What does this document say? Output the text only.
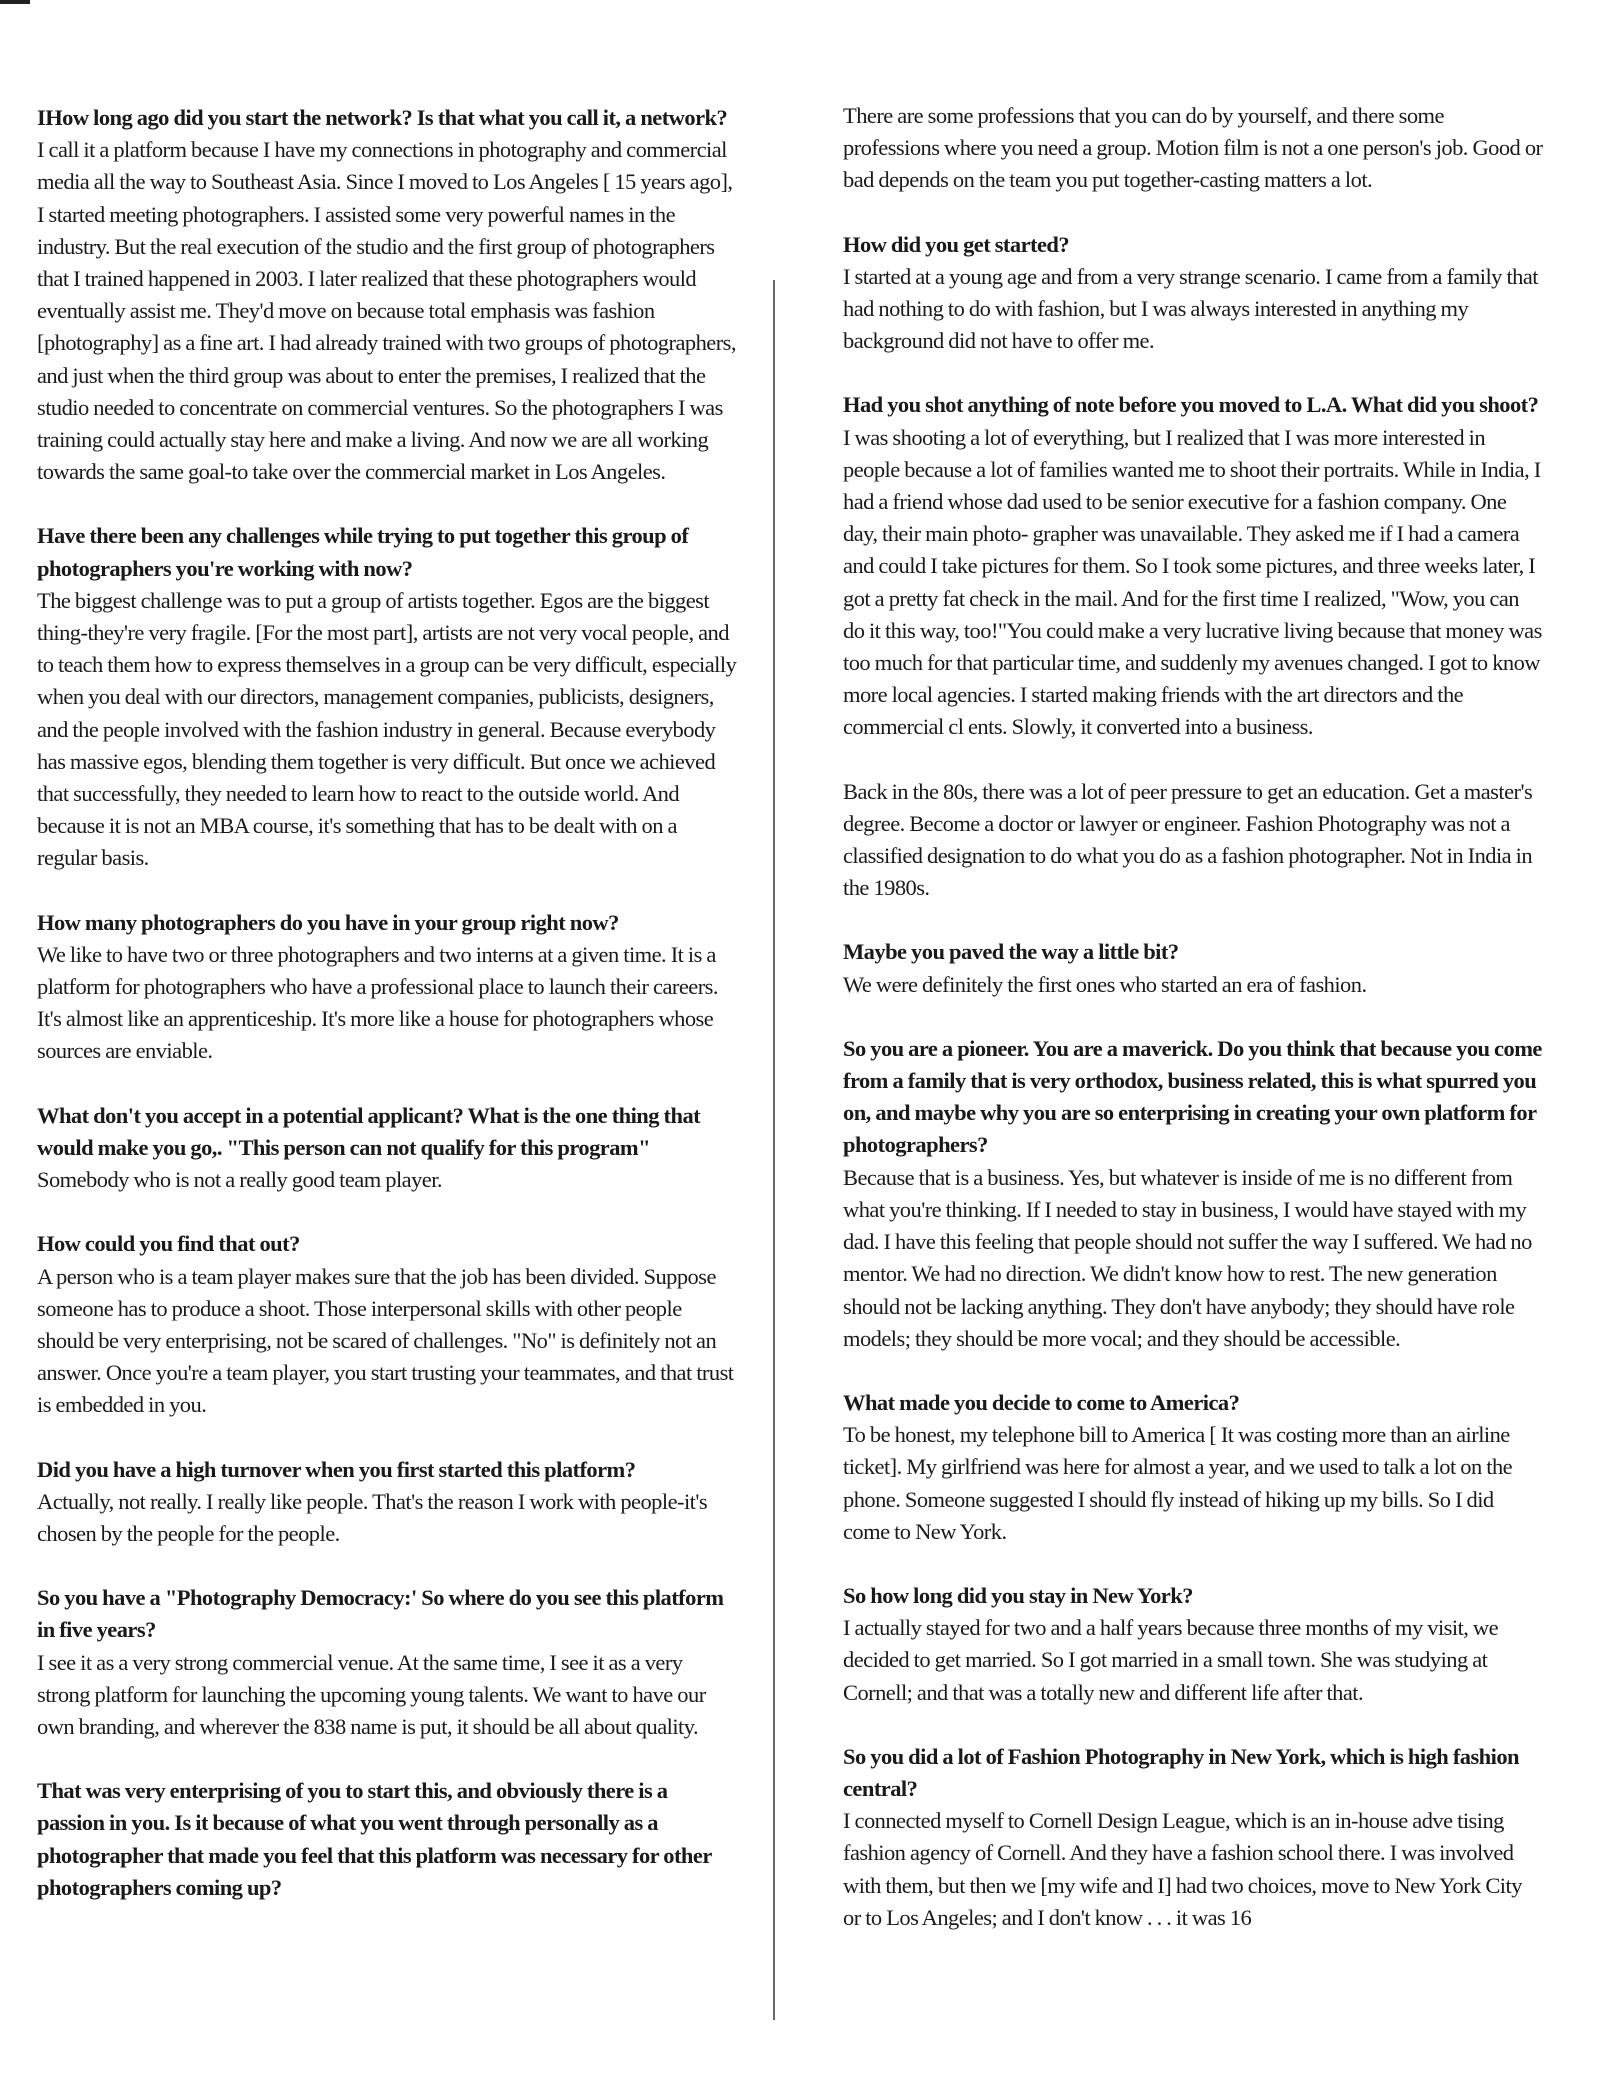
IHow long ago did you start the network? Is that what you call it, a network?

I call it a platform because I have my connections in photography and commercial media all the way to Southeast Asia. Since I moved to Los Angeles [ 15 years ago], I started meeting photographers. I assisted some very powerful names in the industry. But the real execution of the studio and the first group of photographers that I trained happened in 2003. I later realized that these photographers would eventually assist me. They'd move on because total emphasis was fashion [photography] as a fine art. I had already trained with two groups of photographers, and just when the third group was about to enter the premises, I realized that the studio needed to concentrate on commercial ventures. So the photographers I was training could actually stay here and make a living. And now we are all working towards the same goal-to take over the commercial market in Los Angeles.

Have there been any challenges while trying to put together this group of photographers you're working with now?

The biggest challenge was to put a group of artists together. Egos are the biggest thing-they're very fragile. [For the most part], artists are not very vocal people, and to teach them how to express themselves in a group can be very difficult, especially when you deal with our directors, management companies, publicists, designers, and the people involved with the fashion industry in general. Because everybody has massive egos, blending them together is very difficult. But once we achieved that successfully, they needed to learn how to react to the outside world. And because it is not an MBA course, it's something that has to be dealt with on a regular basis.

How many photographers do you have in your group right now?

We like to have two or three photographers and two interns at a given time. It is a platform for photographers who have a professional place to launch their careers. It's almost like an apprenticeship. It's more like a house for photographers whose sources are enviable.

What don't you accept in a potential applicant? What is the one thing that would make you go,. "This person can not qualify for this program"

Somebody who is not a really good team player.

How could you find that out?

A person who is a team player makes sure that the job has been divided. Suppose someone has to produce a shoot. Those interpersonal skills with other people should be very enterprising, not be scared of challenges. "No" is definitely not an answer. Once you're a team player, you start trusting your teammates, and that trust is embedded in you.

Did you have a high turnover when you first started this platform?

Actually, not really. I really like people. That's the reason I work with people-it's chosen by the people for the people.

So you have a "Photography Democracy:' So where do you see this platform in five years?

I see it as a very strong commercial venue. At the same time, I see it as a very strong platform for launching the upcoming young talents. We want to have our own branding, and wherever the 838 name is put, it should be all about quality.

That was very enterprising of you to start this, and obviously there is a passion in you. Is it because of what you went through personally as a photographer that made you feel that this platform was necessary for other photographers coming up?

There are some professions that you can do by yourself, and there some professions where you need a group. Motion film is not a one person's job. Good or bad depends on the team you put together-casting matters a lot.

How did you get started?

I started at a young age and from a very strange scenario. I came from a family that had nothing to do with fashion, but I was always interested in anything my background did not have to offer me.

Had you shot anything of note before you moved to L.A. What did you shoot?

I was shooting a lot of everything, but I realized that I was more interested in people because a lot of families wanted me to shoot their portraits. While in India, I had a friend whose dad used to be senior executive for a fashion company. One day, their main photo- grapher was unavailable. They asked me if I had a camera and could I take pictures for them. So I took some pictures, and three weeks later, I got a pretty fat check in the mail. And for the first time I realized, "Wow, you can do it this way, too!"You could make a very lucrative living because that money was too much for that particular time, and suddenly my avenues changed. I got to know more local agencies. I started making friends with the art directors and the commercial cl ents. Slowly, it converted into a business.

Back in the 80s, there was a lot of peer pressure to get an education. Get a master's degree. Become a doctor or lawyer or engineer. Fashion Photography was not a classified designation to do what you do as a fashion photographer. Not in India in the 1980s.

Maybe you paved the way a little bit?

We were definitely the first ones who started an era of fashion.

So you are a pioneer. You are a maverick. Do you think that because you come from a family that is very orthodox, business related, this is what spurred you on, and maybe why you are so enterprising in creating your own platform for photographers?

Because that is a business. Yes, but whatever is inside of me is no different from what you're thinking. If I needed to stay in business, I would have stayed with my dad. I have this feeling that people should not suffer the way I suffered. We had no mentor. We had no direction. We didn't know how to rest. The new generation should not be lacking anything. They don't have anybody; they should have role models; they should be more vocal; and they should be accessible.

What made you decide to come to America?

To be honest, my telephone bill to America [ It was costing more than an airline ticket]. My girlfriend was here for almost a year, and we used to talk a lot on the phone. Someone suggested I should fly instead of hiking up my bills. So I did come to New York.

So how long did you stay in New York?

I actually stayed for two and a half years because three months of my visit, we decided to get married. So I got married in a small town. She was studying at Cornell; and that was a totally new and different life after that.

So you did a lot of Fashion Photography in New York, which is high fashion central?

I connected myself to Cornell Design League, which is an in-house adve tising fashion agency of Cornell. And they have a fashion school there. I was involved with them, but then we [my wife and I] had two choices, move to New York City or to Los Angeles; and I don't know . . . it was 16
